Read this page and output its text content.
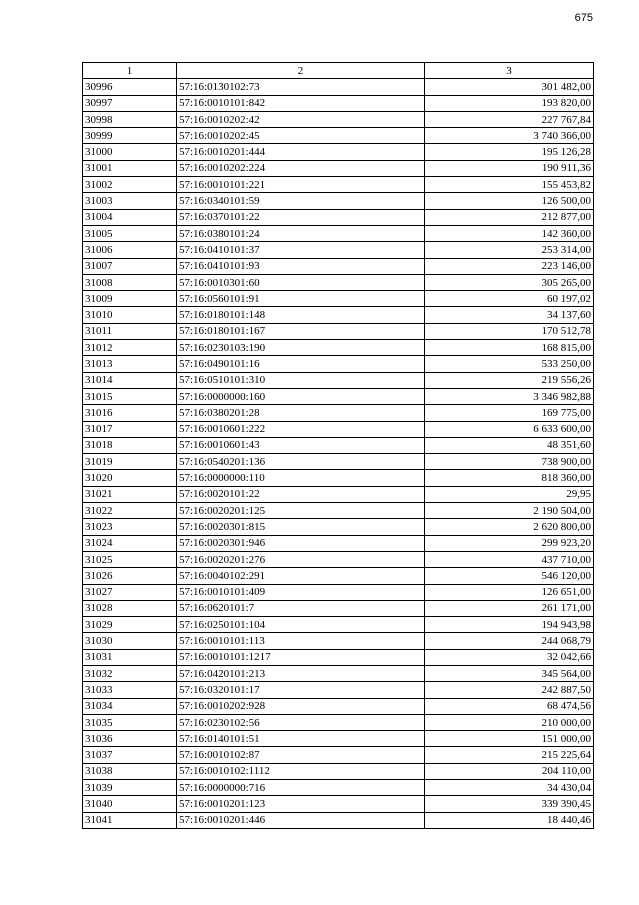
675
1	2	3
30996	57:16:0130102:73	301 482,00
30997	57:16:0010101:842	193 820,00
30998	57:16:0010202:42	227 767,84
30999	57:16:0010202:45	3 740 366,00
31000	57:16:0010201:444	195 126,28
31001	57:16:0010202:224	190 911,36
31002	57:16:0010101:221	155 453,82
31003	57:16:0340101:59	126 500,00
31004	57:16:0370101:22	212 877,00
31005	57:16:0380101:24	142 360,00
31006	57:16:0410101:37	253 314,00
31007	57:16:0410101:93	223 146,00
31008	57:16:0010301:60	305 265,00
31009	57:16:0560101:91	60 197,02
31010	57:16:0180101:148	34 137,60
31011	57:16:0180101:167	170 512,78
31012	57:16:0230103:190	168 815,00
31013	57:16:0490101:16	533 250,00
31014	57:16:0510101:310	219 556,26
31015	57:16:0000000:160	3 346 982,88
31016	57:16:0380201:28	169 775,00
31017	57:16:0010601:222	6 633 600,00
31018	57:16:0010601:43	48 351,60
31019	57:16:0540201:136	738 900,00
31020	57:16:0000000:110	818 360,00
31021	57:16:0020101:22	29,95
31022	57:16:0020201:125	2 190 504,00
31023	57:16:0020301:815	2 620 800,00
31024	57:16:0020301:946	299 923,20
31025	57:16:0020201:276	437 710,00
31026	57:16:0040102:291	546 120,00
31027	57:16:0010101:409	126 651,00
31028	57:16:0620101:7	261 171,00
31029	57:16:0250101:104	194 943,98
31030	57:16:0010101:113	244 068,79
31031	57:16:0010101:1217	32 042,66
31032	57:16:0420101:213	345 564,00
31033	57:16:0320101:17	242 887,50
31034	57:16:0010202:928	68 474,56
31035	57:16:0230102:56	210 000,00
31036	57:16:0140101:51	151 000,00
31037	57:16:0010102:87	215 225,64
31038	57:16:0010102:1112	204 110,00
31039	57:16:0000000:716	34 430,04
31040	57:16:0010201:123	339 390,45
31041	57:16:0010201:446	18 440,46
